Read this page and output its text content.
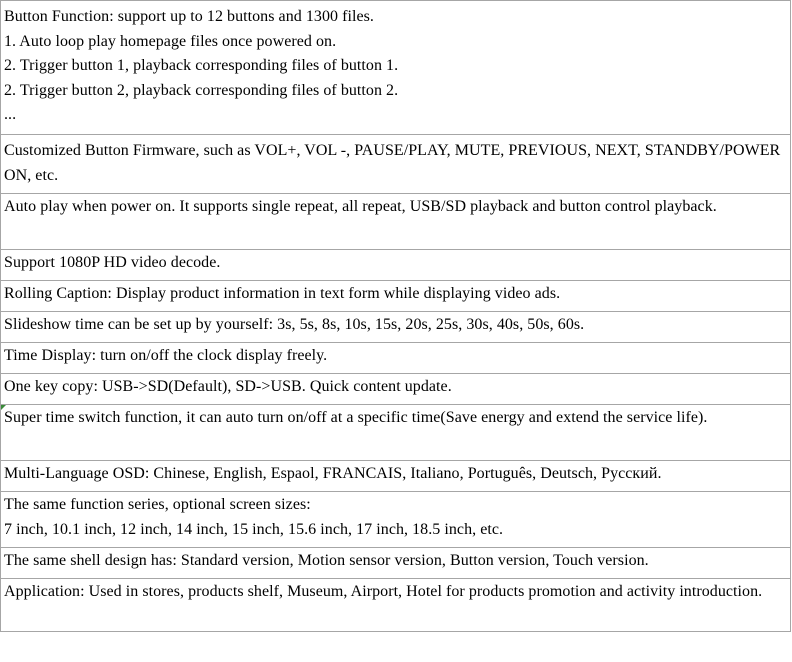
Button Function: support up to 12 buttons and 1300 files.
1. Auto loop play homepage files once powered on.
2. Trigger button 1, playback corresponding files of button 1.
2. Trigger button 2, playback corresponding files of button 2.
...

Customized Button Firmware, such as VOL+, VOL -, PAUSE/PLAY, MUTE, PREVIOUS, NEXT, STANDBY/POWER ON, etc.

Auto play when power on. It supports single repeat, all repeat, USB/SD playback and button control playback.

Support 1080P HD video decode.

Rolling Caption: Display product information in text form while displaying video ads.

Slideshow time can be set up by yourself: 3s, 5s, 8s, 10s, 15s, 20s, 25s, 30s, 40s, 50s, 60s.

Time Display: turn on/off the clock display freely.

One key copy: USB->SD(Default), SD->USB. Quick content update.

Super time switch function, it can auto turn on/off at a specific time(Save energy and extend the service life).

Multi-Language OSD: Chinese, English, Espaol, FRANCAIS, Italiano, Português, Deutsch, Русский.

The same function series, optional screen sizes:
7 inch, 10.1 inch, 12 inch, 14 inch, 15 inch, 15.6 inch, 17 inch, 18.5 inch, etc.

The same shell design has: Standard version, Motion sensor version, Button version, Touch version.

Application: Used in stores, products shelf, Museum, Airport, Hotel for products promotion and activity introduction.
